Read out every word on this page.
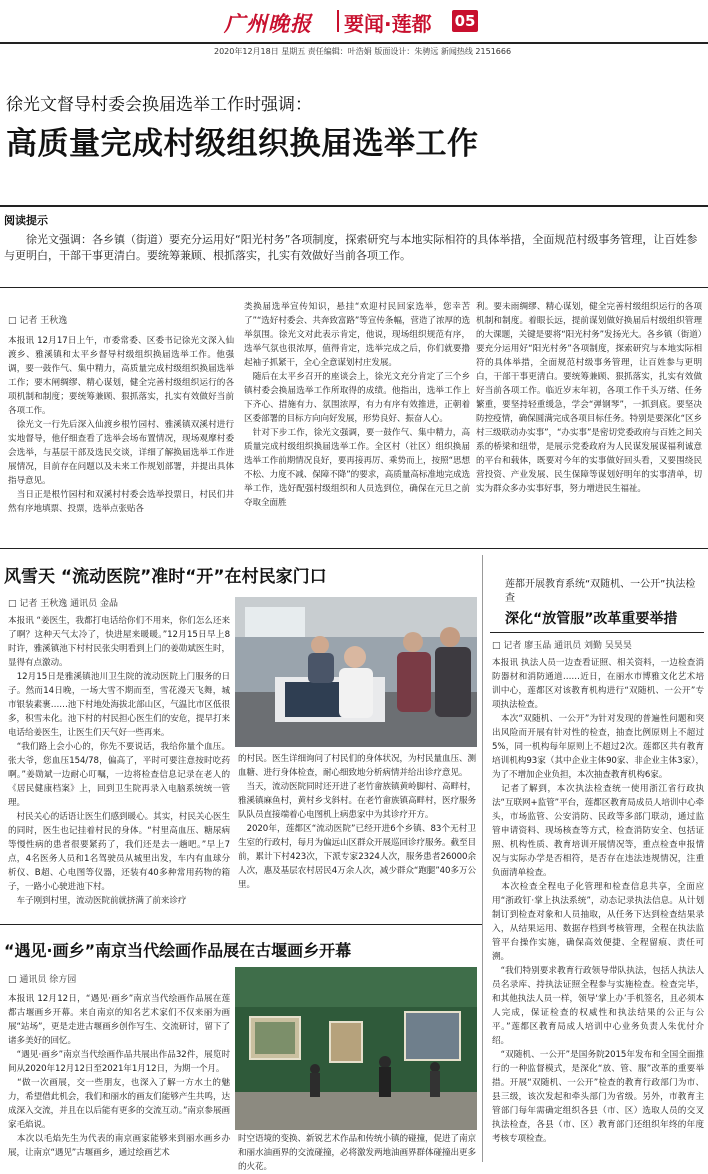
广州晚报 要闻·莲都 05
2020年12月18日 星期五 责任编辑：叶浩娟 版面设计：朱骋远 新闻热线 2151666
徐光文督导村委会换届选举工作时强调：
高质量完成村级组织换届选举工作
阅读提示
徐光文强调：各乡镇（街道）要充分运用好“阳光村务”各项制度，探索研究与本地实际相符的具体举措，全面规范村级事务管理，让百姓参与更明白，干部干事更清白。要统筹兼顾、根抓落实，扎实有效做好当前各项工作。
□ 记者 王秋逸
本报讯 12月17日上午，市委常委、区委书记徐光文深入仙渡乡、雅溪镇和太平乡督导村级组织换届选举工作。他强调，要一鼓作气、集中精力，高质量完成村级组织换届选举工作；要木闸绸缪、精心谋划，健全完善村级组织运行的各项机制和制度；要统筹兼顾、狠抓落实，扎实有效做好当前各项工作。
　徐光文一行先后深入仙渡乡根竹园村、雅溪镇双溪村进行实地督导，他仔细查看了选举会场布置情况，现场观摩村委会选举，与基层干部及选民交谈，详细了解换届选举工作进展情况，目前存在问题以及未来工作规划部署，并提出具体指导意见。
　当日正是根竹园村和双溪村村委会选举投票日，村民们井然有序地填票、投票，选举点张贴各
类换届选举宣传知识，悬挂“欢迎村民回家选举，您幸苦了”“选好村委会、共奔致富路”等宣传条幅，营造了浓厚的选举氛围。徐光文对此表示肯定，他说，现场组织规范有序，选举气氛也很浓厚，值得肯定，选举完成之后，你们就要撸起袖子抓紧干，全心全意谋划村庄发展。
　随后在太平乡召开的座谈会上，徐光文充分肯定了三个乡镇村委会换届选举工作所取得的成绩。他指出，选举工作上下齐心、措施有力、氛围浓厚，有力有序有效推进，正朝着区委部署的目标方向向好发展，形势良好、振奋人心。
　针对下步工作，徐光文强调，要一鼓作气、集中精力，高质量完成村级组织换届选举工作。全区村（社区）组织换届选举工作前期情况良好，要再接再厉、乘势而上，按照“思想不松、力度不减、保障不降”的要求，高质量高标准地完成选举工作，选好配强村级组织和人员选到位，确保在元旦之前夺取全面胜
利。要未雨绸缪、精心谋划，健全完善村级组织运行的各项机制和制度。着眼长远，提前谋划做好换届后村级组织管理的大课题，关键是要将“阳光村务”发扬光大。各乡镇（街道）要充分运用好“阳光村务”各项制度，探索研究与本地实际相符的具体举措，全面规范村级事务管理，让百姓参与更明白，干部干事更清白。要统筹兼顾、狠抓落实，扎实有效做好当前各项工作。临近岁末年初，各项工作千头万绪、任务繁重，要坚持轻重缓急，学会“弹钢琴”，一抓到底。要坚决防控疫情，确保圆满完成各项目标任务。特别是要深化“区乡村三级联动办实事”，“办实事”是密切党委政府与百姓之间关系的桥梁和纽带，是展示党委政府为人民谋发展谋福利诚意的平台和载体，既要对今年的实事做好回头看，又要围绕民营投资、产业发展、民生保障等谋划好明年的实事清单，切实为群众多办实事好事，努力增进民生福祉。
风雪天 “流动医院”准时“开”在村民家门口
□ 记者 王秋逸 通讯员 金晶
本报讯 “姜医生，我都打电话给你们不用来，你们怎么还来了啊？这种天气太冷了，快进屋来暖暖。”12月15日早上8时许，雅溪镇池下村村民张尖明看到上门的姜勋斌医生时，显得有点激动。
　12月15日是雅溪镇池川卫生院的流动医院上门服务的日子。然而14日晚，一场大雪不期而至，雪花漫天飞舞，城市银装素裹……池下村地处海拔北部山区，气温比市区低很多，积雪未化。池下村的村民担心医生们的安危，提早打来电话给姜医生，让医生们天气好一些再来。
　“我们路上会小心的，你先不要说话，我给你量个血压。张大爷，您血压154/78，偏高了，平时可要注意按时吃药啊。”姜勋斌一边耐心叮嘱，一边将检查信息记录在老人的《居民健康档案》上，回到卫生院再录入电脑系统统一管理。
　村民关心的话语让医生们感到暖心。其实，村民关心医生的同时，医生也记挂着村民的身体。“村里高血压、糖尿病等慢性病的患者很要紧药了，我们还是去一趟吧。”早上7点，4名医务人员和1名驾驶员从城里出发，车内有血球分析仪、B超、心电图等仪器，还装有40多种常用药物的箱子，一路小心驶进池下村。
　车子刚到村里，流动医院前就挤满了前来诊疗
的村民。医生详细询问了村民们的身体状况，为村民量血压、测血糖、进行身体检查，耐心细致地分析病情并给出诊疗意见。
　当天，流动医院同时还开进了老竹畲族镇黄岭脚村、高畔村，雅溪镇麻鱼村，黄村乡戈斜村。在老竹畲族镇高畔村，医疗服务队队员直接端着心电图机上病患家中为其诊疗开方。
　2020年，莲都区“流动医院”已经开进6个乡镇、83个无村卫生室的行政村，每月为偏远山区群众开展巡回诊疗服务。截至目前，累计下村423次，下派专家2324人次，服务患者26000余人次，惠及基层农村居民4万余人次，减少群众“跑腿”40多万公里。
“遇见·画乡”南京当代绘画作品展在古堰画乡开幕
□ 通讯员 徐方园
本报讯 12月12日，“遇见·画乡”南京当代绘画作品展在莲都古堰画乡开幕。来自南京的知名艺术家们不仅来丽为画展“站场”，更是走进古堰画乡创作写生、交流研讨，留下了诸多美好的回忆。
　“遇见·画乡”南京当代绘画作品共展出作品32件，展览时间从2020年12月12日至2021年1月12日，为期一个月。
　“做一次画展，交一些朋友，也深入了解一方水土的魅力，希望借此机会，我们和丽水的画友们能够产生共鸣，达成深入交流，并且在以后能有更多的交流互动。”南京参展画家毛焰说。
　本次以毛焰先生为代表的南京画家能够来到丽水画乡办展，让南京“遇见”古堰画乡，通过绘画艺术
时空语境的变换、新锐艺术作品和传统小镇的碰撞，促进了南京和丽水油画界的交流碰撞，必将激发两地油画界群体碰撞出更多的火花。
莲都开展教育系统“双随机、一公开”执法检查
深化“放管服”改革重要举措
□ 记者 廖玉晶 通讯员 刘勤 吴昊昊
本报讯 执法人员一边查看证照、相关资料，一边检查消防器材和消防通道……近日，在丽水市博雅文化艺术培训中心，莲都区对该教育机构进行“双随机、一公开”专项执法检查。
　本次“双随机、一公开”为针对发现的普遍性问题和突出风险而开展有针对性的检查，抽查比例原则上不超过5%，同一机构每年原则上不超过2次。莲都区共有教育培训机构93家（其中企业主体90家、非企业主体3家），为了不增加企业负担，本次抽查教育机构6家。
　记者了解到，本次执法检查统一使用浙江省行政执法“互联网+监管”平台，莲都区教育局成员人培训中心牵头，市场监管、公安消防、民政等多部门联动，通过监管申请资料、现场核查等方式，检查消防安全、包括证照、机构性质、教育培训开展情况等，重点检查申报情况与实际办学是否相符，是否存在违法违规情况，注重负面清单检查。
　本次检查全程电子化管理和检查信息共享，全面应用“浙政钉·掌上执法系统”，动态记录执法信息。从计划制订到检查对象和人员抽取，从任务下达到检查结果录入，从结果运用、数据存档到考核管理，全程在执法监管平台操作实施，确保高效便捷、全程留痕、责任可溯。
　“我们特别要求教育行政领导带队执法，包括人执法人员名录库、持执法证照全程参与实施检查。检查完毕，和其他执法人员一样，领导‘掌上办’手机签名，且必须本人完成，保证检查的权威性和执法结果的公正与公平。”莲都区教育局成人培训中心业务负责人朱优付介绍。
　“双随机、一公开”是国务院2015年发布和全国全面推行的一种监督模式，是深化“放、管、服”改革的重要举措。开展“双随机、一公开”检查的教育行政部门为市、县三级，该次发起和牵头部门为省级。另外，市教育主管部门每年需确定组织各县（市、区）选取人员的交叉执法检查，各县（市、区）教育部门还组织年终的年度考核专项检查。
